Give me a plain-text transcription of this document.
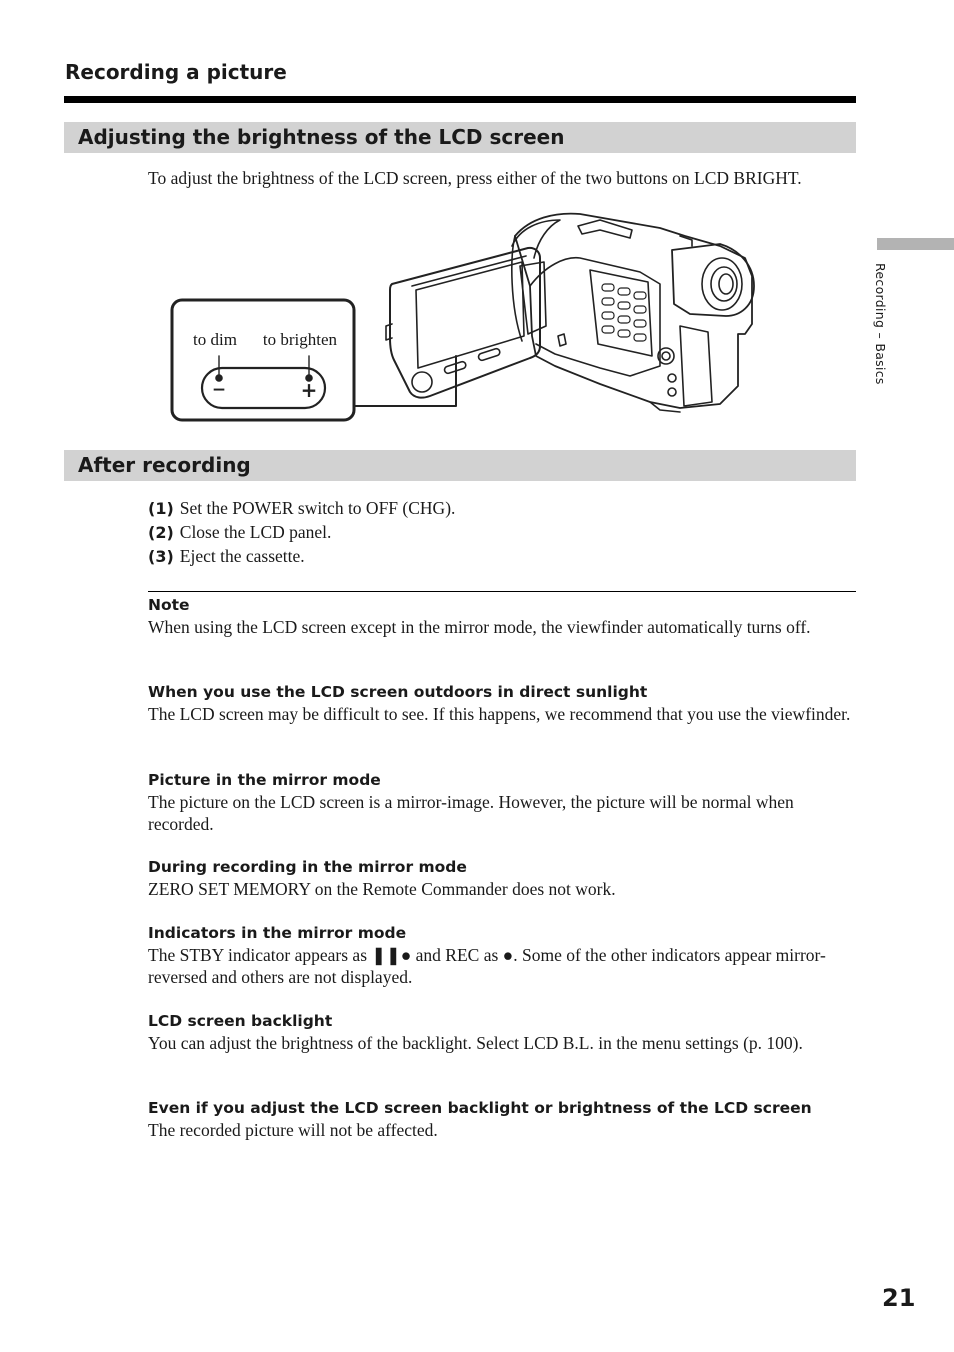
Recording a picture
Adjusting the brightness of the LCD screen

To adjust the brightness of the LCD screen, press either of the two buttons on LCD BRIGHT.

−	+
to dim to brighten
After recording
(1) Set the POWER switch to OFF (CHG).
(2) Close the LCD panel.
(3) Eject the cassette.
Note
When using the LCD screen except in the mirror mode, the viewfinder automatically turns off.
When you use the LCD screen outdoors in direct sunlight
The LCD screen may be difficult to see. If this happens, we recommend that you use the viewfinder.
Picture in the mirror mode
The picture on the LCD screen is a mirror-image. However, the picture will be normal when recorded.
During recording in the mirror mode
ZERO SET MEMORY on the Remote Commander does not work.
Indicators in the mirror mode
The STBY indicator appears as ❚❚● and REC as ●. Some of the other indicators appear mirror-reversed and others are not displayed.
LCD screen backlight
You can adjust the brightness of the backlight. Select LCD B.L. in the menu settings (p. 100).
Even if you adjust the LCD screen backlight or brightness of the LCD screen
The recorded picture will not be affected.
Recording – Basics
21
